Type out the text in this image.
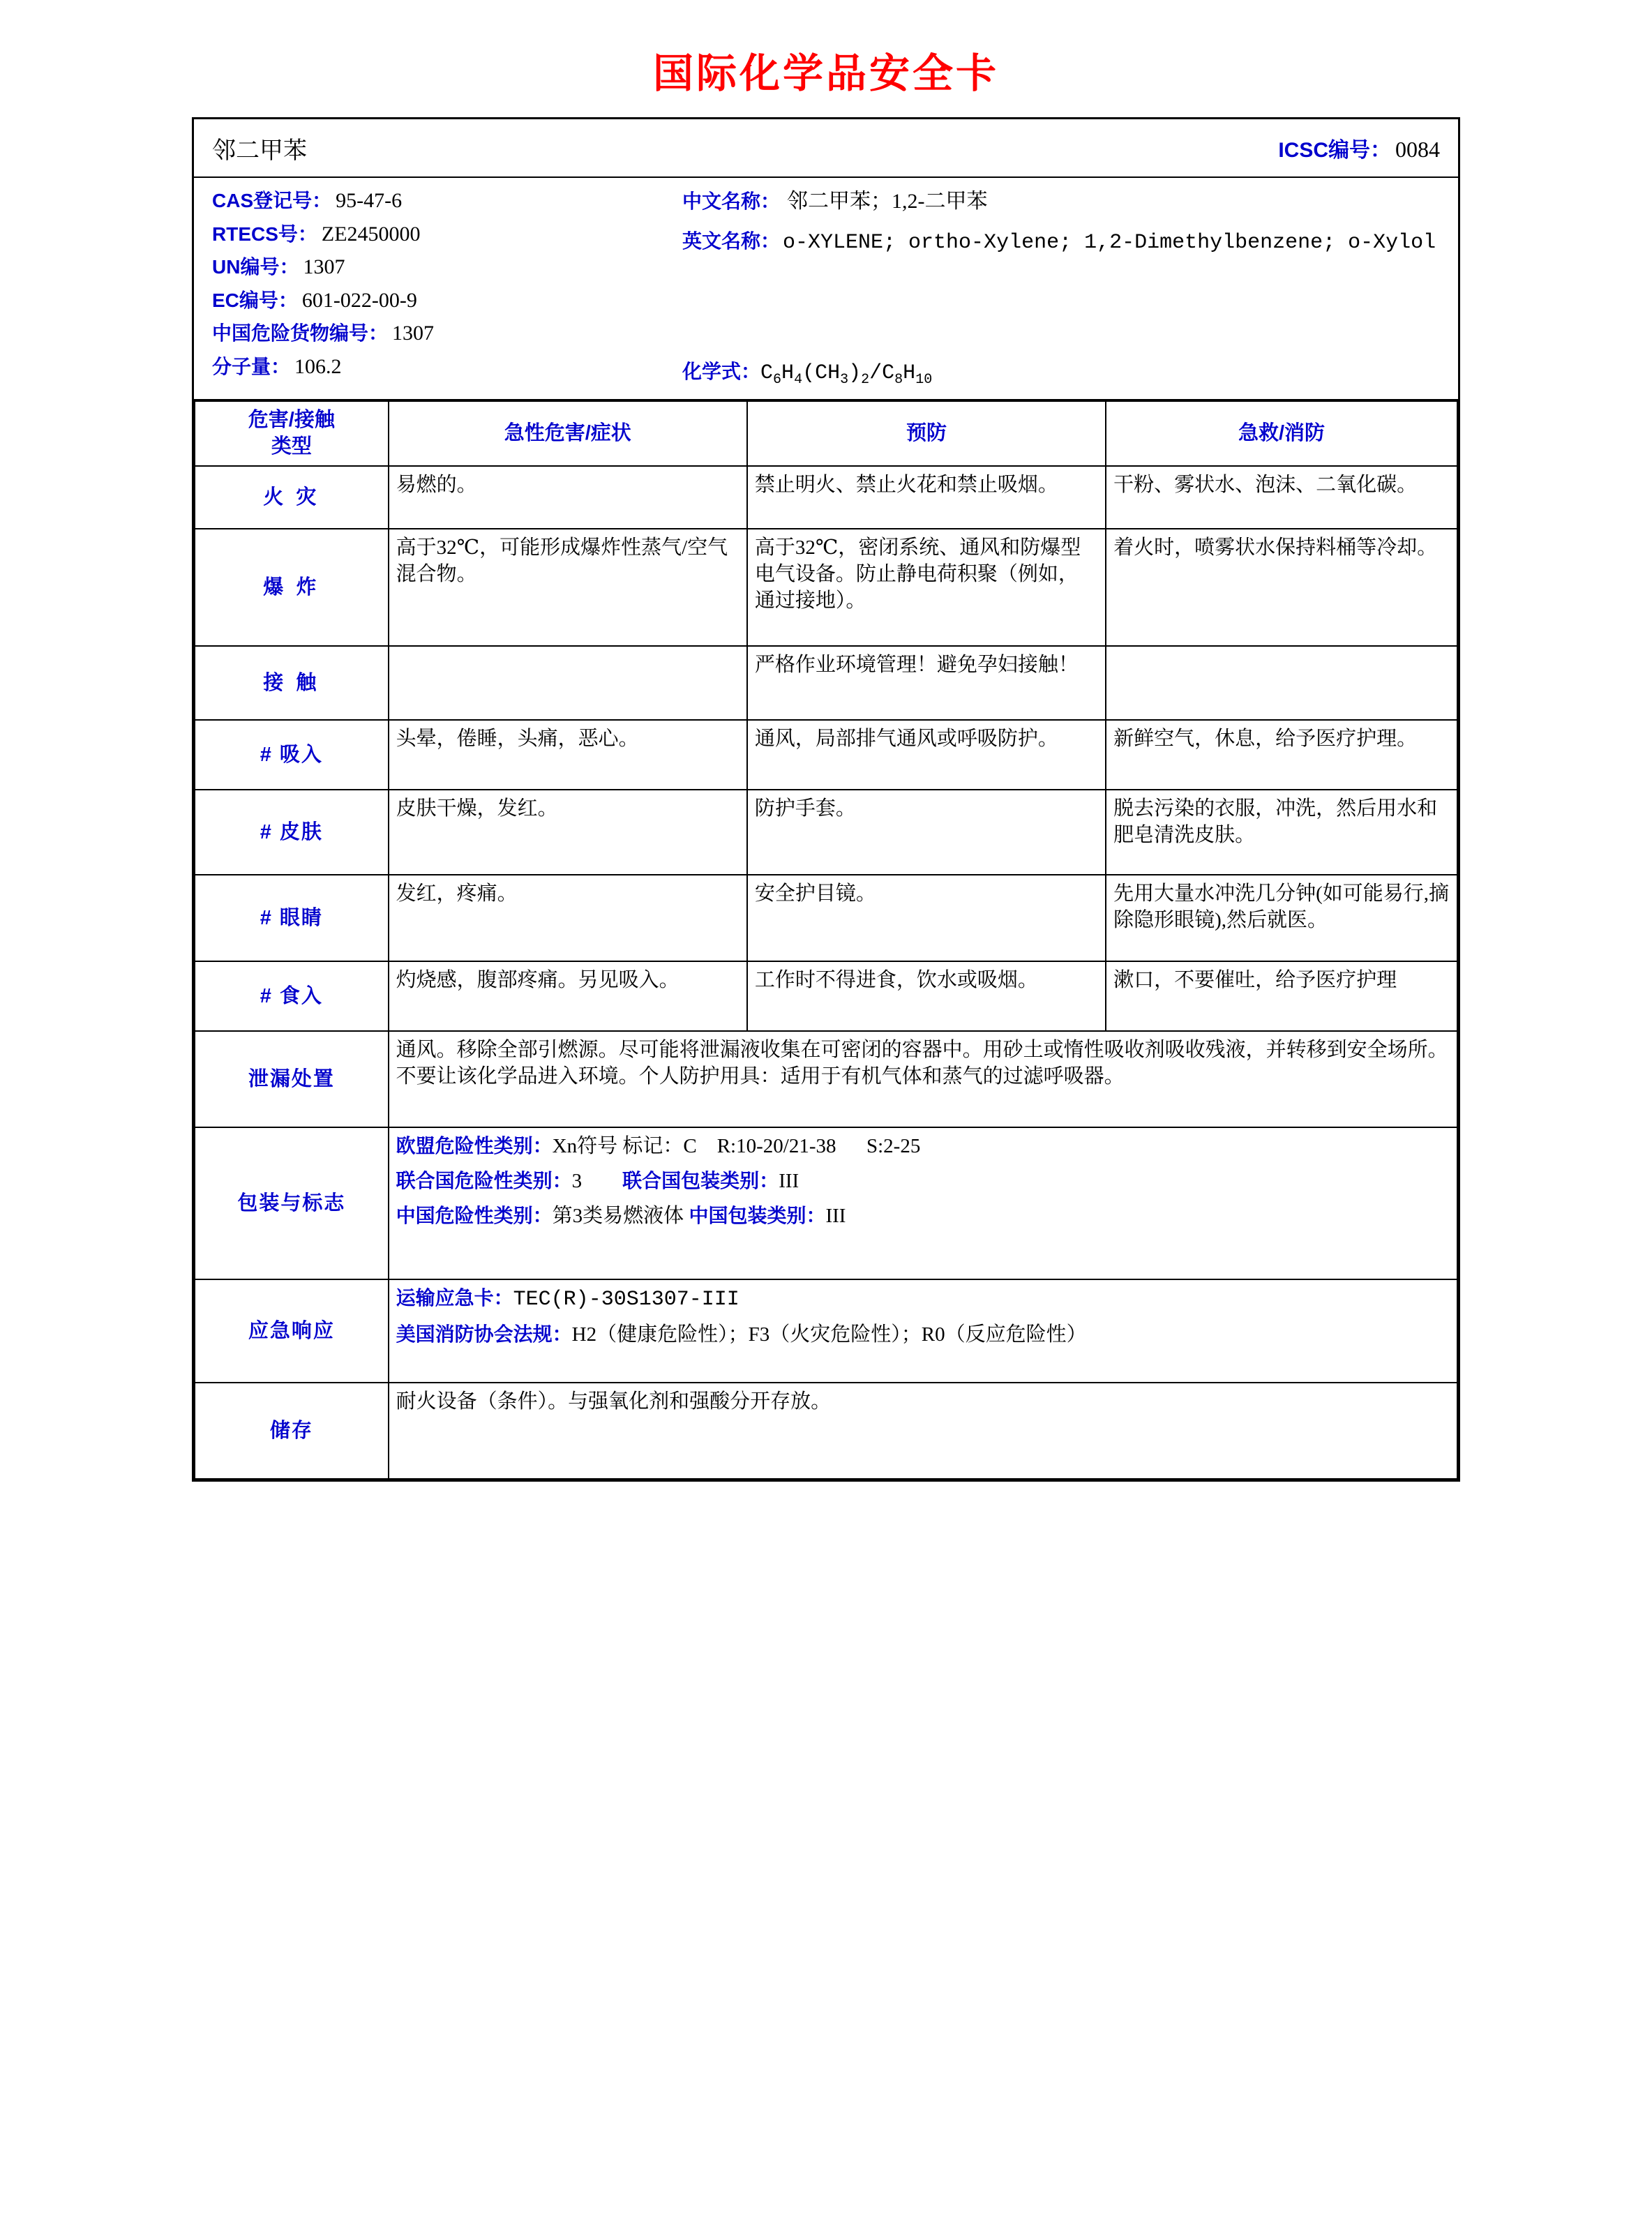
国际化学品安全卡
邻二甲苯	ICSC编号： 0084
CAS登记号： 95-47-6
RTECS号： ZE2450000
UN编号： 1307
EC编号： 601-022-00-9
中国危险货物编号： 1307
分子量： 106.2
中文名称： 邻二甲苯；1,2-二甲苯
英文名称： o-XYLENE; ortho-Xylene; 1,2-Dimethylbenzene; o-Xylol
化学式：$C_6H_4(CH_3)_2/C_8H_{10}$
危害/接触
类型	急性危害/症状	预防	急救/消防
火 灾	易燃的。	禁止明火、禁止火花和禁止吸烟。	干粉、雾状水、泡沫、二氧化碳。
爆 炸	高于32℃，可能形成爆炸性蒸气/空气混合物。	高于32℃，密闭系统、通风和防爆型电气设备。防止静电荷积聚（例如，通过接地）。	着火时，喷雾状水保持料桶等冷却。
接 触		严格作业环境管理！避免孕妇接触！	
# 吸入	头晕，倦睡，头痛，恶心。	通风，局部排气通风或呼吸防护。	新鲜空气，休息，给予医疗护理。
# 皮肤	皮肤干燥，发红。	防护手套。	脱去污染的衣服，冲洗，然后用水和肥皂清洗皮肤。
# 眼睛	发红，疼痛。	安全护目镜。	先用大量水冲洗几分钟(如可能易行,摘除隐形眼镜),然后就医。
# 食入	灼烧感，腹部疼痛。另见吸入。	工作时不得进食，饮水或吸烟。	漱口，不要催吐，给予医疗护理
泄漏处置	通风。移除全部引燃源。尽可能将泄漏液收集在可密闭的容器中。用砂土或惰性吸收剂吸收残液，并转移到安全场所。不要让该化学品进入环境。个人防护用具：适用于有机气体和蒸气的过滤呼吸器。		
包装与标志	欧盟危险性类别：Xn符号 标记：C R:10-20/21-38 S:2-25
联合国危险性类别：3 联合国包装类别：III
中国危险性类别：第3类易燃液体 中国包装类别：III		

应急响应	运输应急卡：TEC(R)-30S1307-III
美国消防协会法规：H2（健康危险性）；F3（火灾危险性）；R0（反应危险性）		

储存	耐火设备（条件）。与强氧化剂和强酸分开存放。		
